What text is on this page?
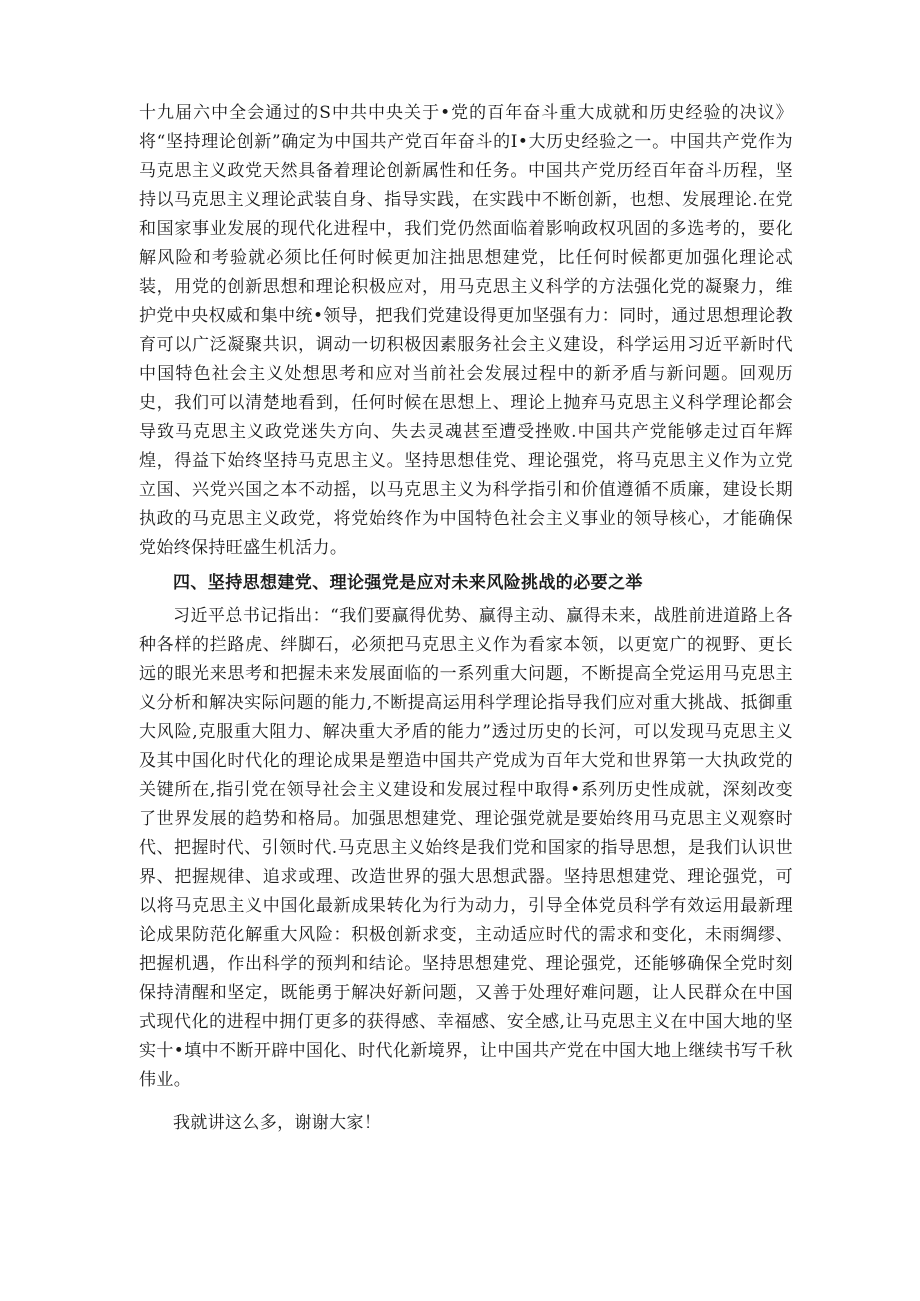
十九届六中全会通过的S中共中央关于•党的百年奋斗重大成就和历史经验的决议》将“坚持理论创新”确定为中国共产党百年奋斗的I•大历史经验之一。中国共产党作为马克思主义政党天然具备着理论创新属性和任务。中国共产党历经百年奋斗历程，坚持以马克思主义理论武装自身、指导实践，在实践中不断创新，也想、发展理论.在党和国家事业发展的现代化进程中，我们党仍然面临着影响政权巩固的多选考的，要化解风险和考验就必须比任何时候更加注拙思想建党，比任何时候都更加强化理论忒装，用党的创新思想和理论积极应对，用马克思主义科学的方法强化党的凝聚力，维护党中央权威和集中统•领导，把我们党建设得更加坚强有力：同时，通过思想理论教育可以广泛凝聚共识，调动一切积极因素服务社会主义建设，科学运用习近平新时代中国特色社会主义处想思考和应对当前社会发展过程中的新矛盾与新问题。回观历史，我们可以清楚地看到，任何时候在思想上、理论上抛弃马克思主义科学理论都会导致马克思主义政党迷失方向、失去灵魂甚至遭受挫败.中国共产党能够走过百年辉煌，得益下始终坚持马克思主义。坚持思想佳党、理论强党，将马克思主义作为立党立国、兴党兴国之本不动摇，以马克思主义为科学指引和价值遵循不质廉，建设长期执政的马克思主义政党，将党始终作为中国特色社会主义事业的领导核心，才能确保党始终保持旺盛生机活力。

四、坚持思想建党、理论强党是应对未来风险挑战的必要之举

习近平总书记指出：“我们要赢得优势、赢得主动、赢得未来，战胜前进道路上各种各样的拦路虎、绊脚石，必须把马克思主义作为看家本领，以更宽广的视野、更长远的眼光来思考和把握未来发展面临的一系列重大问题，不断提高全党运用马克思主义分析和解决实际问题的能力,不断提高运用科学理论指导我们应对重大挑战、抵御重大风险,克服重大阻力、解决重大矛盾的能力”透过历史的长河，可以发现马克思主义及其中国化时代化的理论成果是塑造中国共产党成为百年大党和世界第一大执政党的关键所在,指引党在领导社会主义建设和发展过程中取得•系列历史性成就，深刻改变了世界发展的趋势和格局。加强思想建党、理论强党就是要始终用马克思主义观察时代、把握时代、引领时代.马克思主义始终是我们党和国家的指导思想，是我们认识世界、把握规律、追求或理、改造世界的强大思想武器。坚持思想建党、理论强党，可以将马克思主义中国化最新成果转化为行为动力，引导全体党员科学有效运用最新理论成果防范化解重大风险：积极创新求变，主动适应时代的需求和变化，未雨绸缪、把握机遇，作出科学的预判和结论。坚持思想建党、理论强党，还能够确保全党时刻保持清醒和坚定，既能勇于解决好新问题，又善于处理好难问题，让人民群众在中国式现代化的进程中拥仃更多的获得感、幸福感、安全感,让马克思主义在中国大地的坚实十•填中不断开辟中国化、时代化新境界，让中国共产党在中国大地上继续书写千秋伟业。

我就讲这么多，谢谢大家！
